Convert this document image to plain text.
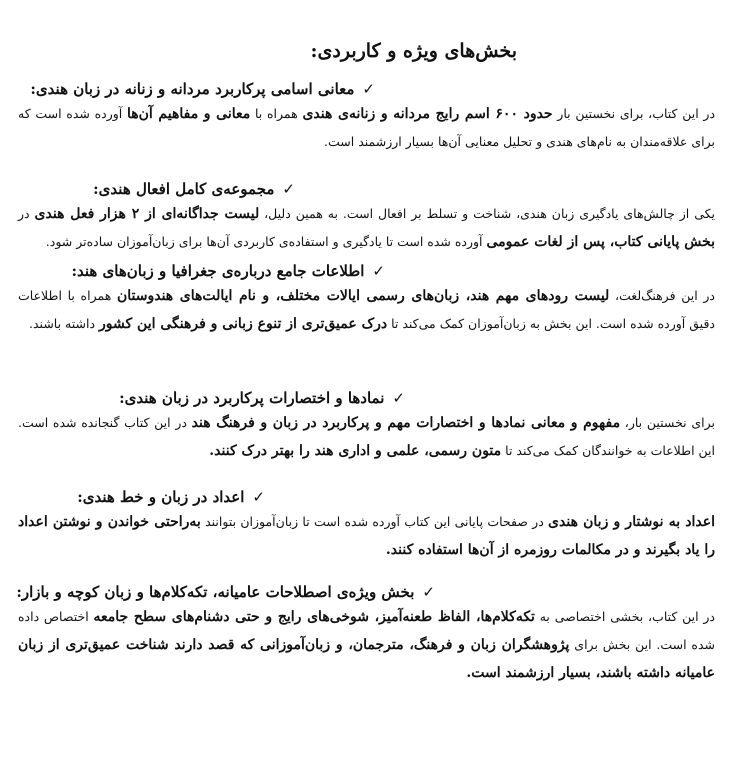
بخش‌های ویژه و کاربردی:
✓معانی اسامی پرکاربرد مردانه و زنانه در زبان هندی:

در این کتاب، برای نخستین بار حدود ۶۰۰ اسم رایج مردانه و زنانه‌ی هندی همراه با معانی و مفاهیم آن‌ها آورده شده است که برای علاقه‌مندان به نام‌های هندی و تحلیل معنایی آن‌ها بسیار ارزشمند است.

✓مجموعه‌ی کامل افعال هندی:

یکی از چالش‌های یادگیری زبان هندی، شناخت و تسلط بر افعال است. به همین دلیل، لیست جداگانه‌ای از ۲ هزار فعل هندی در بخش پایانی کتاب، پس از لغات عمومی آورده شده است تا یادگیری و استفاده‌ی کاربردی آن‌ها برای زبان‌آموزان ساده‌تر شود.

✓اطلاعات جامع درباره‌ی جغرافیا و زبان‌های هند:

در این فرهنگ‌لغت، لیست رودهای مهم هند، زبان‌های رسمی ایالات مختلف، و نام ایالت‌های هندوستان همراه با اطلاعات دقیق آورده شده است. این بخش به زبان‌آموزان کمک می‌کند تا درک عمیق‌تری از تنوع زبانی و فرهنگی این کشور داشته باشند.

✓نمادها و اختصارات پرکاربرد در زبان هندی:

برای نخستین بار، مفهوم و معانی نمادها و اختصارات مهم و پرکاربرد در زبان و فرهنگ هند در این کتاب گنجانده شده است. این اطلاعات به خوانندگان کمک می‌کند تا متون رسمی، علمی و اداری هند را بهتر درک کنند.

✓اعداد در زبان و خط هندی:

اعداد به نوشتار و زبان هندی در صفحات پایانی این کتاب آورده شده است تا زبان‌آموزان بتوانند به‌راحتی خواندن و نوشتن اعداد را یاد بگیرند و در مکالمات روزمره از آن‌ها استفاده کنند.

✓بخش ویژه‌ی اصطلاحات عامیانه، تکه‌کلام‌ها و زبان کوچه و بازار:

در این کتاب، بخشی اختصاصی به تکه‌کلام‌ها، الفاظ طعنه‌آمیز، شوخی‌های رایج و حتی دشنام‌های سطح جامعه اختصاص داده شده است. این بخش برای پژوهشگران زبان و فرهنگ، مترجمان، و زبان‌آموزانی که قصد دارند شناخت عمیق‌تری از زبان عامیانه داشته باشند، بسیار ارزشمند است.
